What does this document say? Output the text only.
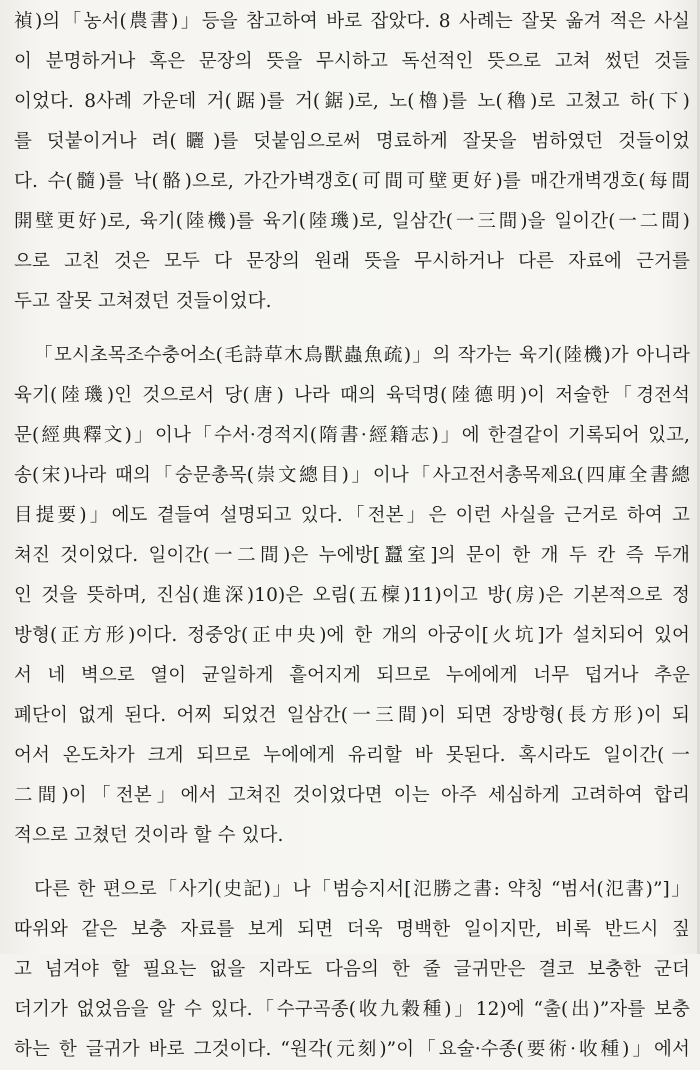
禎)의「농서(農書)」등을 참고하여 바로 잡았다. 8 사례는 잘못 옮겨 적은 사실
이 분명하거나 혹은 문장의 뜻을 무시하고 독선적인 뜻으로 고쳐 썼던 것들
이었다. 8사례 가운데 거(踞)를 거(鋸)로, 노(櫓)를 노(穭)로 고쳤고 하(下)
를 덧붙이거나 려(矖)를 덧붙임으로써 명료하게 잘못을 범하였던 것들이었
다. 수(髓)를 낙(骼)으로, 가간가벽갱호(可間可壁更好)를 매간개벽갱호(每間
開壁更好)로, 육기(陸機)를 육기(陸璣)로, 일삼간(一三間)을 일이간(一二間)
으로 고친 것은 모두 다 문장의 원래 뜻을 무시하거나 다른 자료에 근거를
두고 잘못 고쳐졌던 것들이었다.
「모시초목조수충어소(毛詩草木鳥獸蟲魚疏)」의 작가는 육기(陸機)가 아니라
육기(陸璣)인 것으로서 당(唐) 나라 때의 육덕명(陸德明)이 저술한「경전석
문(經典釋文)」이나「수서·경적지(隋書·經籍志)」에 한결같이 기록되어 있고,
송(宋)나라 때의「숭문총목(崇文總目)」이나「사고전서총목제요(四庫全書總
目提要)」에도 곁들여 설명되고 있다.「전본」은 이런 사실을 근거로 하여 고
쳐진 것이었다. 일이간(一二間)은 누에방[蠶室]의 문이 한 개 두 칸 즉 두개
인 것을 뜻하며, 진심(進深)10)은 오림(五檁)11)이고 방(房)은 기본적으로 정
방형(正方形)이다. 정중앙(正中央)에 한 개의 아궁이[火坑]가 설치되어 있어
서 네 벽으로 열이 균일하게 흩어지게 되므로 누에에게 너무 덥거나 추운
폐단이 없게 된다. 어찌 되었건 일삼간(一三間)이 되면 장방형(長方形)이 되
어서 온도차가 크게 되므로 누에에게 유리할 바 못된다. 혹시라도 일이간(一
二間)이「전본」에서 고쳐진 것이었다면 이는 아주 세심하게 고려하여 합리
적으로 고쳤던 것이라 할 수 있다.
다른 한 편으로「사기(史記)」나「범승지서[氾勝之書: 약칭 “범서(氾書)”]」
따위와 같은 보충 자료를 보게 되면 더욱 명백한 일이지만, 비록 반드시 짚
고 넘겨야 할 필요는 없을 지라도 다음의 한 줄 글귀만은 결코 보충한 군더
더기가 없었음을 알 수 있다.「수구곡종(收九穀種)」12)에 “출(出)”자를 보충
하는 한 글귀가 바로 그것이다. “원각(元刻)”이「요술·수종(要術·收種)」에서
